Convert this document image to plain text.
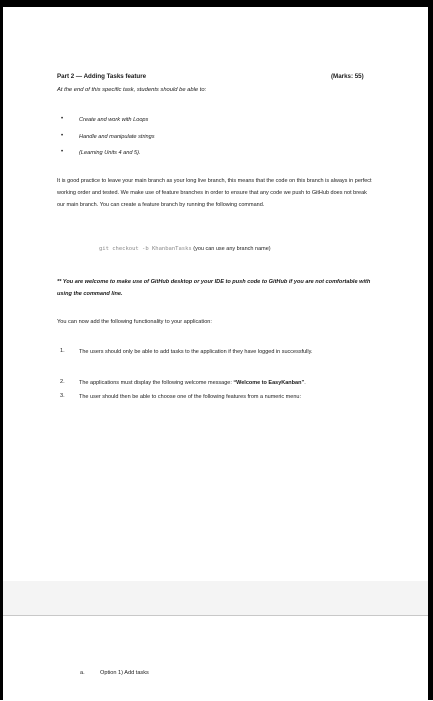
Part 2 — Adding Tasks feature	(Marks: 55)
At the end of this specific task, students should be able to:
•	Create and work with Loops
•	Handle and manipulate strings
•	(Learning Units 4 and 5).
It is good practice to leave your main branch as your long live branch, this means that the code on this branch is always in perfect working order and tested. We make use of feature branches in order to ensure that any code we push to GitHub does not break our main branch. You can create a feature branch by running the following command.
git checkout -b KhanbanTasks (you can use any branch name)
** You are welcome to make use of GitHub desktop or your IDE to push code to GitHub if you are not comfortable with using the command line.
You can now add the following functionality to your application:
1.	The users should only be able to add tasks to the application if they have logged in successfully.
2.	The applications must display the following welcome message: “Welcome to EasyKanban”.
3.	The user should then be able to choose one of the following features from a numeric menu:
a.	Option 1) Add tasks
